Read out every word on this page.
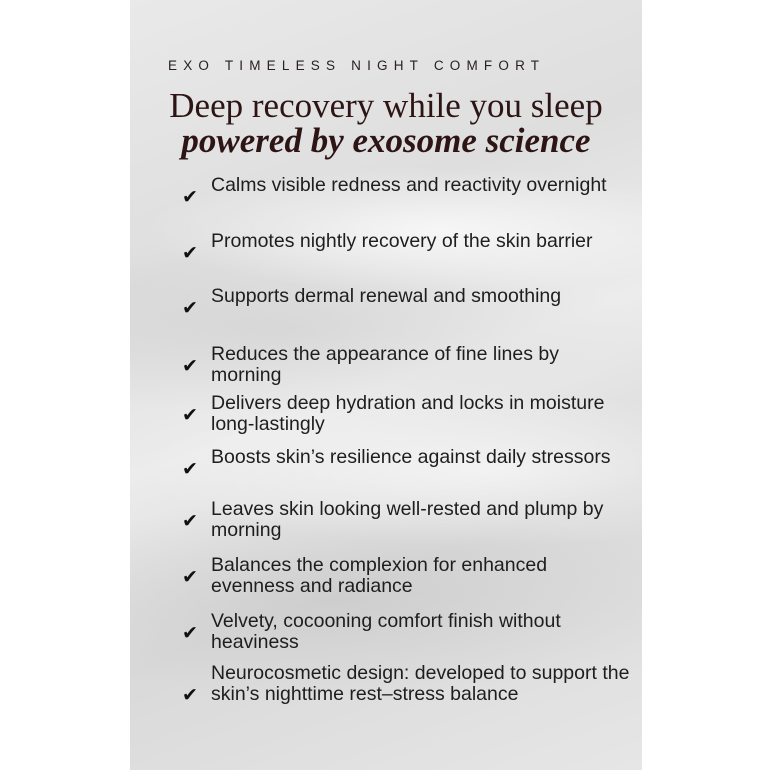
EXO TIMELESS NIGHT COMFORT
Deep recovery while you sleep
powered by exosome science
✔
Calms visible redness and reactivity overnight
✔
Promotes nightly recovery of the skin barrier
✔
Supports dermal renewal and smoothing
✔
Reduces the appearance of fine lines by morning
✔
Delivers deep hydration and locks in moisture long-lastingly
✔
Boosts skin’s resilience against daily stressors
✔
Leaves skin looking well-rested and plump by morning
✔
Balances the complexion for enhanced evenness and radiance
✔
Velvety, cocooning comfort finish without heaviness
✔
Neurocosmetic design: developed to support the skin’s nighttime rest–stress balance
